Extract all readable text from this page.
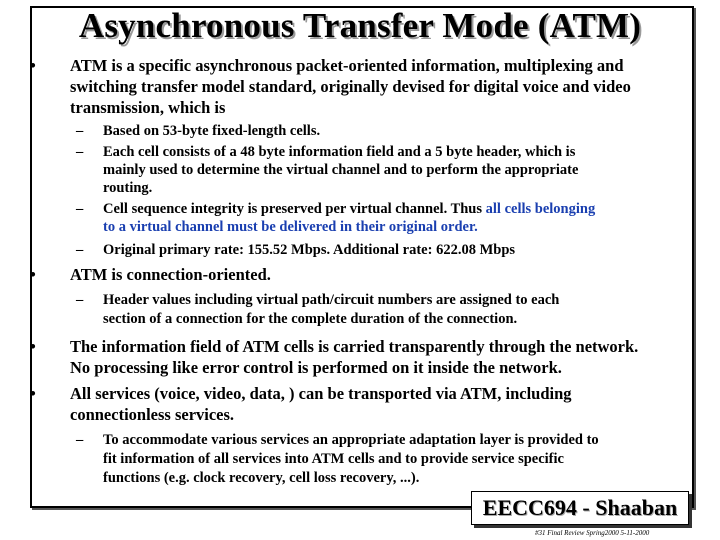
Asynchronous Transfer Mode (ATM)
• ATM is a specific asynchronous packet-oriented information, multiplexing and
switching transfer model standard, originally devised for digital voice and video
transmission, which is
– Based on 53-byte fixed-length cells.
– Each cell consists of a 48 byte information field and a 5 byte header, which is
mainly used to determine the virtual channel and to perform the appropriate
routing.
– Cell sequence integrity is preserved per virtual channel. Thus all cells belonging
to a virtual channel must be delivered in their original order.
– Original primary rate: 155.52 Mbps. Additional rate: 622.08 Mbps
• ATM is connection-oriented.
– Header values including virtual path/circuit numbers are assigned to each
section of a connection for the complete duration of the connection.
• The information field of ATM cells is carried transparently through the network.
No processing like error control is performed on it inside the network.
• All services (voice, video, data, ) can be transported via ATM, including
connectionless services.
– To accommodate various services an appropriate adaptation layer is provided to
fit information of all services into ATM cells and to provide service specific
functions (e.g. clock recovery, cell loss recovery, ...).
EECC694 - Shaaban
#31 Final Review Spring2000 5-11-2000
